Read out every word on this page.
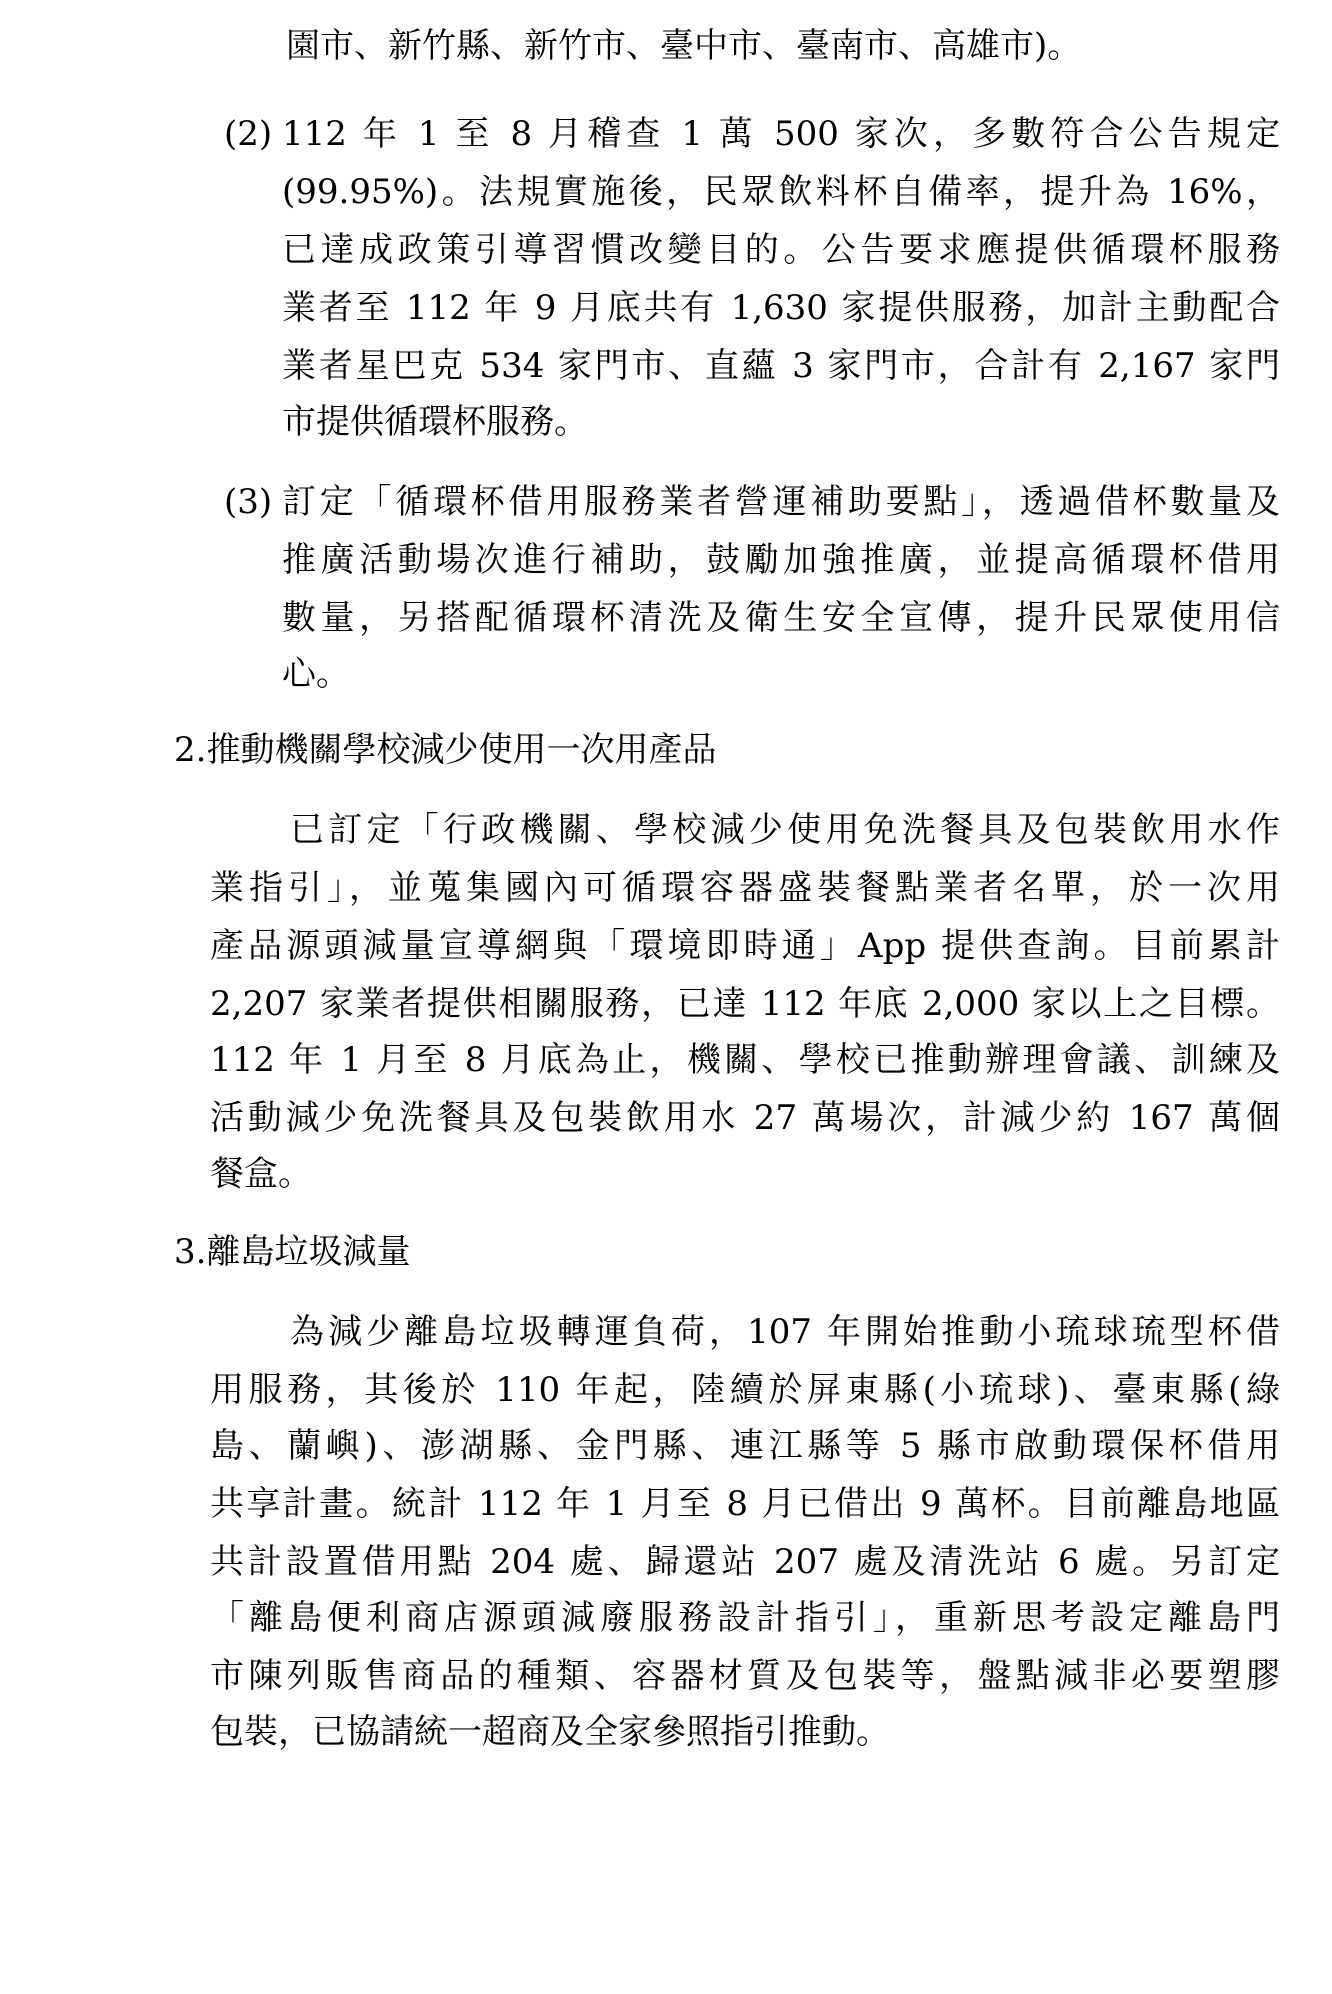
園市、新竹縣、新竹市、臺中市、臺南市、高雄市)。
(2) 112 年 1 至 8 月稽查 1 萬 500 家次，多數符合公告規定
(99.95%)。法規實施後，民眾飲料杯自備率，提升為 16%，
已達成政策引導習慣改變目的。公告要求應提供循環杯服務
業者至 112 年 9 月底共有 1,630 家提供服務，加計主動配合
業者星巴克 534 家門市、直蘊 3 家門市，合計有 2,167 家門
市提供循環杯服務。
(3) 訂定「循環杯借用服務業者營運補助要點」，透過借杯數量及
推廣活動場次進行補助，鼓勵加強推廣，並提高循環杯借用
數量，另搭配循環杯清洗及衛生安全宣傳，提升民眾使用信
心。
2.推動機關學校減少使用一次用產品
已訂定「行政機關、學校減少使用免洗餐具及包裝飲用水作
業指引」，並蒐集國內可循環容器盛裝餐點業者名單，於一次用
產品源頭減量宣導網與「環境即時通」App 提供查詢。目前累計
2,207 家業者提供相關服務，已達 112 年底 2,000 家以上之目標。
112 年 1 月至 8 月底為止，機關、學校已推動辦理會議、訓練及
活動減少免洗餐具及包裝飲用水 27 萬場次，計減少約 167 萬個
餐盒。
3.離島垃圾減量
為減少離島垃圾轉運負荷，107 年開始推動小琉球琉型杯借
用服務，其後於 110 年起，陸續於屏東縣(小琉球)、臺東縣(綠
島、蘭嶼)、澎湖縣、金門縣、連江縣等 5 縣市啟動環保杯借用
共享計畫。統計 112 年 1 月至 8 月已借出 9 萬杯。目前離島地區
共計設置借用點 204 處、歸還站 207 處及清洗站 6 處。另訂定
「離島便利商店源頭減廢服務設計指引」，重新思考設定離島門
市陳列販售商品的種類、容器材質及包裝等，盤點減非必要塑膠
包裝，已協請統一超商及全家參照指引推動。
